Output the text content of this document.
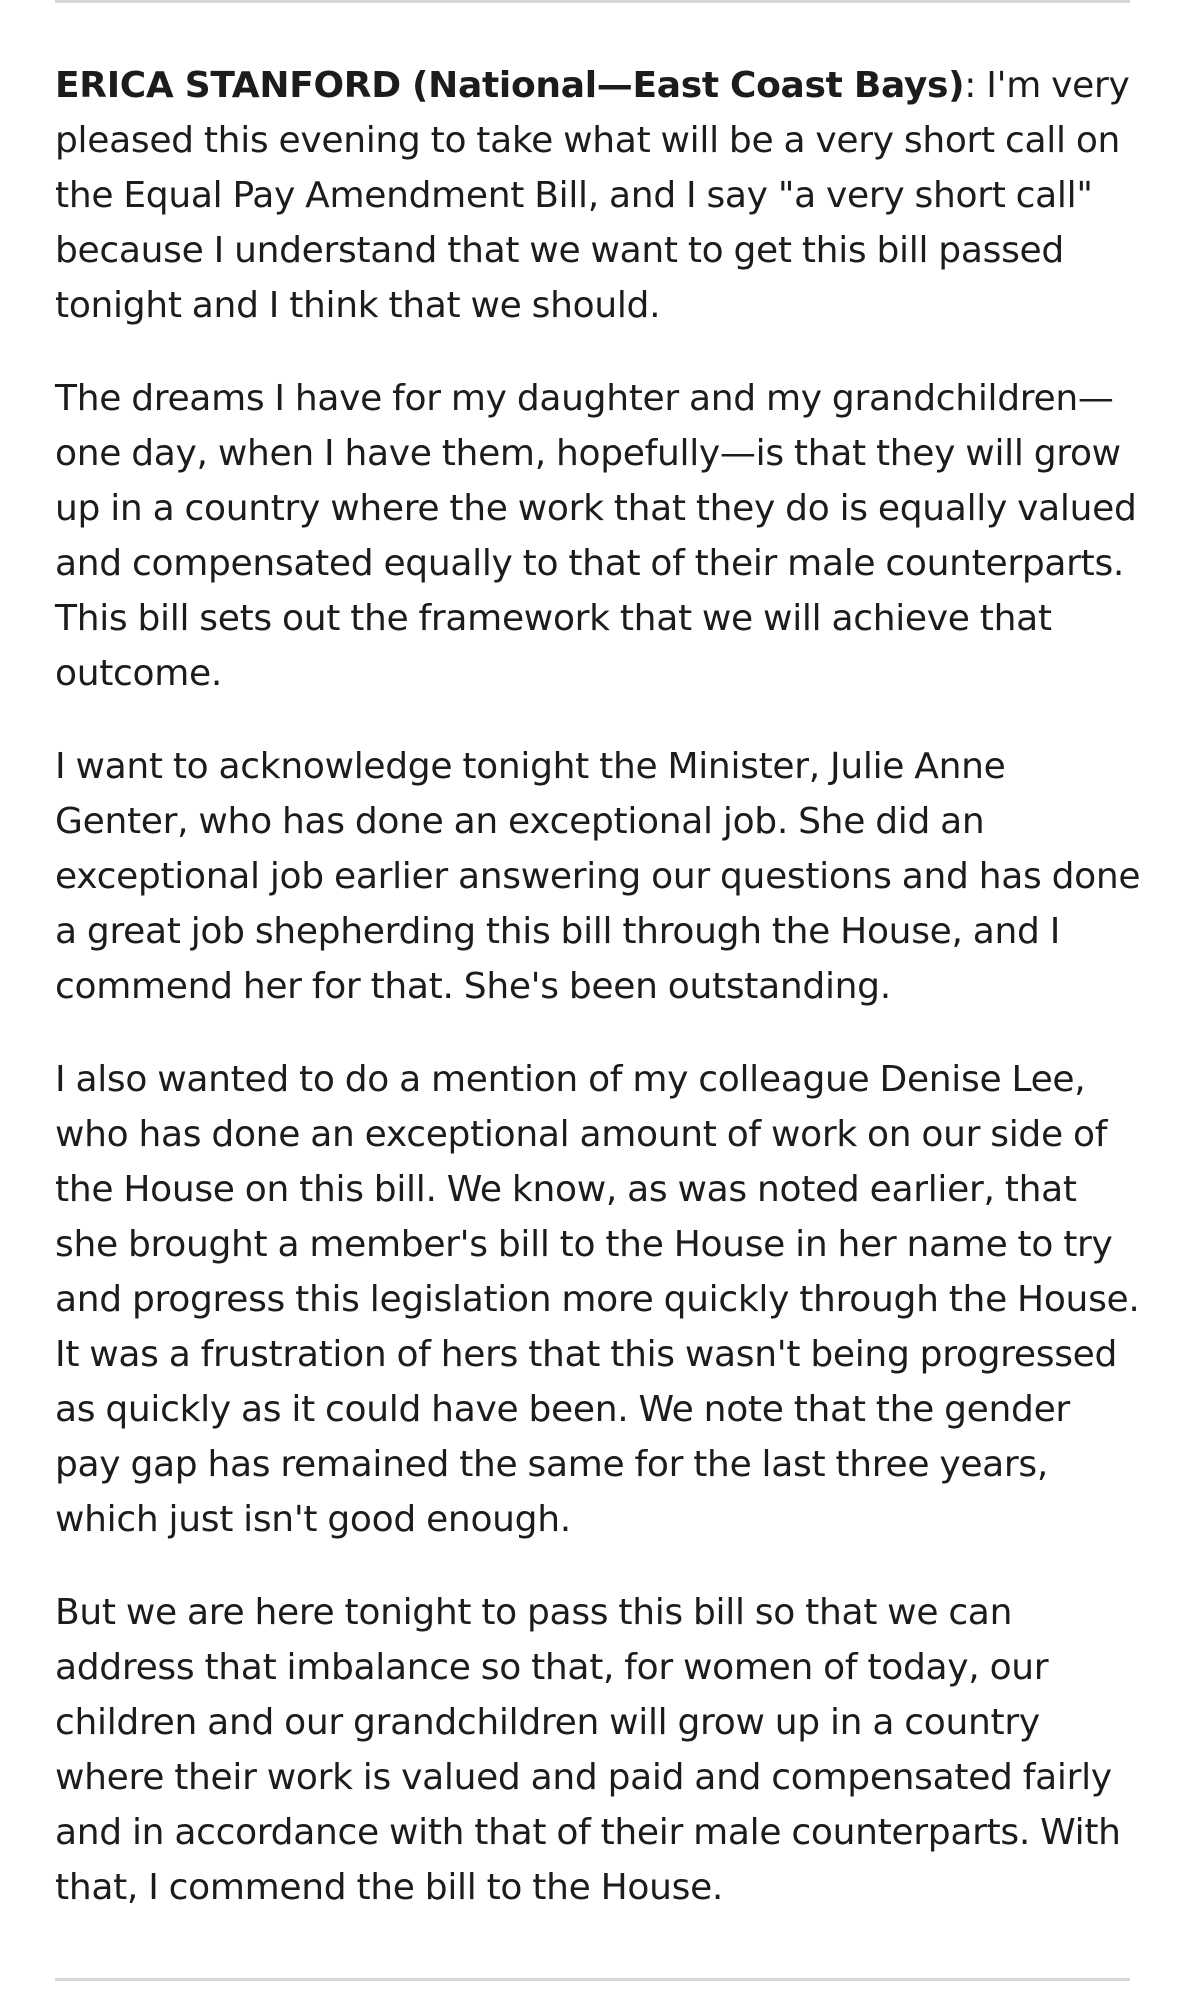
ERICA STANFORD (National—East Coast Bays): I'm very pleased this evening to take what will be a very short call on the Equal Pay Amendment Bill, and I say "a very short call" because I understand that we want to get this bill passed tonight and I think that we should.

The dreams I have for my daughter and my grandchildren—one day, when I have them, hopefully—is that they will grow up in a country where the work that they do is equally valued and compensated equally to that of their male counterparts. This bill sets out the framework that we will achieve that outcome.

I want to acknowledge tonight the Minister, Julie Anne Genter, who has done an exceptional job. She did an exceptional job earlier answering our questions and has done a great job shepherding this bill through the House, and I commend her for that. She's been outstanding.

I also wanted to do a mention of my colleague Denise Lee, who has done an exceptional amount of work on our side of the House on this bill. We know, as was noted earlier, that she brought a member's bill to the House in her name to try and progress this legislation more quickly through the House. It was a frustration of hers that this wasn't being progressed as quickly as it could have been. We note that the gender pay gap has remained the same for the last three years, which just isn't good enough.

But we are here tonight to pass this bill so that we can address that imbalance so that, for women of today, our children and our grandchildren will grow up in a country where their work is valued and paid and compensated fairly and in accordance with that of their male counterparts. With that, I commend the bill to the House.
